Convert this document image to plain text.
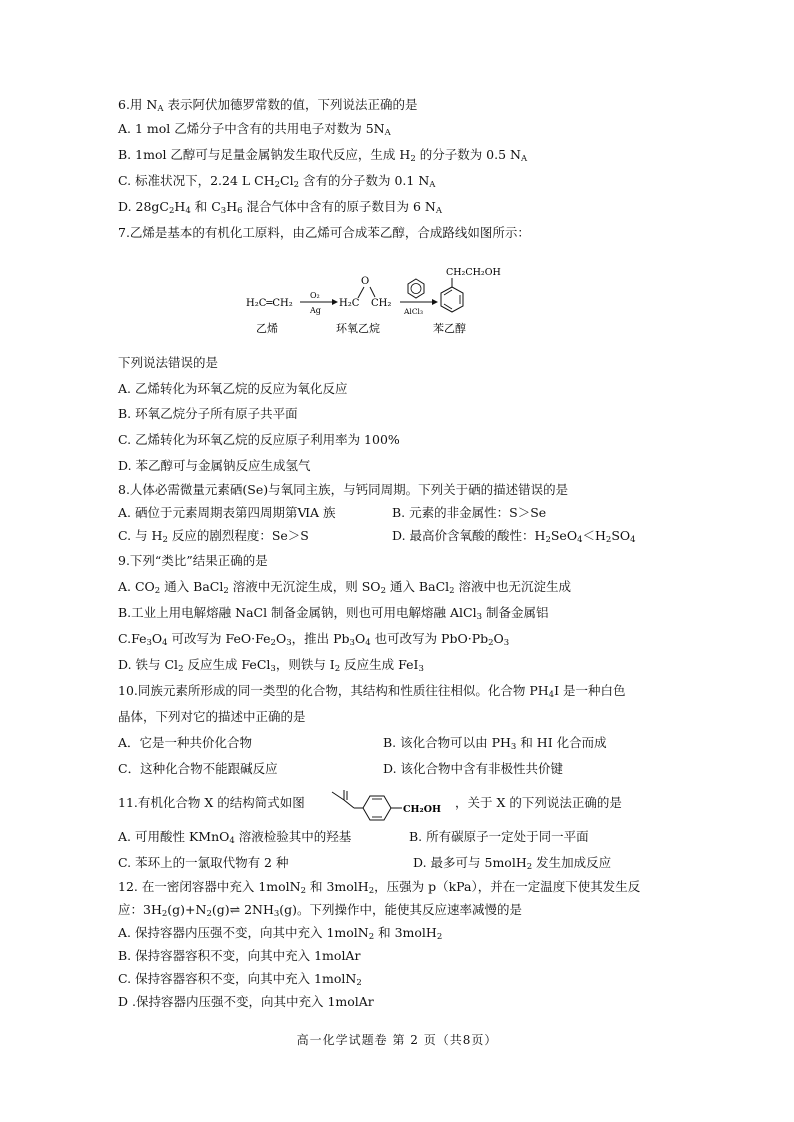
6.用 $N_A$ 表示阿伏加德罗常数的值，下列说法正确的是
A. 1 mol 乙烯分子中含有的共用电子对数为 $5N_A$
B. 1mol 乙醇可与足量金属钠发生取代反应，生成 $H_2$ 的分子数为 0.5 $N_A$
C. 标准状况下，2.24 L $CH_2Cl_2$ 含有的分子数为 0.1 $N_A$
D. $28gC_2H_4$ 和 $C_3H_6$ 混合气体中含有的原子数目为 6 $N_A$
7.乙烯是基本的有机化工原料，由乙烯可合成苯乙醇，合成路线如图所示：
H₂C═CH₂
O₂
Ag
H₂C CH₂
O
AlCl₃
CH₂CH₂OH
乙烯	环氧乙烷	苯乙醇
下列说法错误的是
A. 乙烯转化为环氧乙烷的反应为氧化反应
B. 环氧乙烷分子所有原子共平面
C. 乙烯转化为环氧乙烷的反应原子利用率为 100%
D. 苯乙醇可与金属钠反应生成氢气
8.人体必需微量元素硒(Se)与氧同主族，与钙同周期。下列关于硒的描述错误的是
A. 硒位于元素周期表第四周期第ⅥA 族	B. 元素的非金属性：S＞Se
C. 与 $H_2$ 反应的剧烈程度：Se＞S	D. 最高价含氧酸的酸性：$H_2SeO_4<H_2SO_4$
9.下列“类比”结果正确的是
A. $CO_2$ 通入 BaCl$_2$ 溶液中无沉淀生成，则 $SO_2$ 通入 BaCl$_2$ 溶液中也无沉淀生成
B.工业上用电解熔融 NaCl 制备金属钠，则也可用电解熔融 AlCl$_3$ 制备金属铝
$C.Fe_3O_4$ 可改写为 $FeO\cdot Fe_2O_3$，推出 $Pb_3O_4$ 也可改写为 $PbO\cdot Pb_2O_3$
D. 铁与 $Cl_2$ 反应生成 FeCl$_3$，则铁与 $I_2$ 反应生成 FeI$_3$
10.同族元素所形成的同一类型的化合物，其结构和性质往往相似。化合物 $PH_4I$ 是一种白色
晶体，下列对它的描述中正确的是
A．它是一种共价化合物	B. 该化合物可以由 $PH_3$ 和 HI 化合而成
C．这种化合物不能跟碱反应	D. 该化合物中含有非极性共价键
11.有机化合物 X 的结构简式如图	CH₂OH ，关于 X 的下列说法正确的是
A. 可用酸性 KMnO$_4$ 溶液检验其中的羟基	B. 所有碳原子一定处于同一平面
C. 苯环上的一氯取代物有 2 种	D. 最多可与 5molH$_2$ 发生加成反应
12. 在一密闭容器中充入 1molN$_2$ 和 3molH$_2$，压强为 p（kPa），并在一定温度下使其发生反
应：$3H_2(g)+N_2(g)\rightleftharpoons$ $2NH_3(g)$。下列操作中，能使其反应速率减慢的是
A. 保持容器内压强不变，向其中充入 1molN$_2$ 和 3molH$_2$
B. 保持容器容积不变，向其中充入 1molAr
C. 保持容器容积不变，向其中充入 1molN$_2$
D .保持容器内压强不变，向其中充入 1molAr
高一化学试题卷 第 2 页（共8页）
